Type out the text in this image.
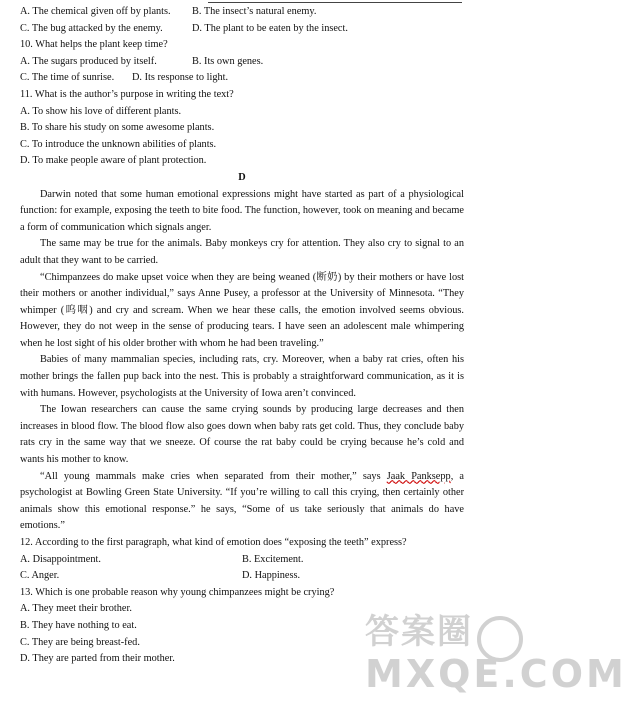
A. The chemical given off by plants.	B. The insect’s natural enemy.
C. The bug attacked by the enemy.	D. The plant to be eaten by the insect.
10. What helps the plant keep time?
A. The sugars produced by itself.	B. Its own genes.
C. The time of sunrise.	D. Its response to light.
11. What is the author’s purpose in writing the text?
A. To show his love of different plants.
B. To share his study on some awesome plants.
C. To introduce the unknown abilities of plants.
D. To make people aware of plant protection.
D
Darwin noted that some human emotional expressions might have started as part of a physiological function: for example, exposing the teeth to bite food. The function, however, took on meaning and became a form of communication which signals anger.
The same may be true for the animals. Baby monkeys cry for attention. They also cry to signal to an adult that they want to be carried.
“Chimpanzees do make upset voice when they are being weaned (断奶) by their mothers or have lost their mothers or another individual,” says Anne Pusey, a professor at the University of Minnesota. “They whimper (呜咽) and cry and scream. When we hear these calls, the emotion involved seems obvious. However, they do not weep in the sense of producing tears. I have seen an adolescent male whimpering when he lost sight of his older brother with whom he had been traveling.”
Babies of many mammalian species, including rats, cry. Moreover, when a baby rat cries, often his mother brings the fallen pup back into the nest. This is probably a straightforward communication, as it is with humans. However, psychologists at the University of Iowa aren’t convinced.
The Iowan researchers can cause the same crying sounds by producing large decreases and then increases in blood flow. The blood flow also goes down when baby rats get cold. Thus, they conclude baby rats cry in the same way that we sneeze. Of course the rat baby could be crying because he’s cold and wants his mother to know.
“All young mammals make cries when separated from their mother,” says Jaak Panksepp, a psychologist at Bowling Green State University. “If you’re willing to call this crying, then certainly other animals show this emotional response.” he says, “Some of us take seriously that animals do have emotions.”
12. According to the first paragraph, what kind of emotion does “exposing the teeth” express?
A. Disappointment.	B. Excitement.
C. Anger.	D. Happiness.
13. Which is one probable reason why young chimpanzees might be crying?
A. They meet their brother.
B. They have nothing to eat.
C. They are being breast-fed.
D. They are parted from their mother.
答案圈
MXQE.COM
